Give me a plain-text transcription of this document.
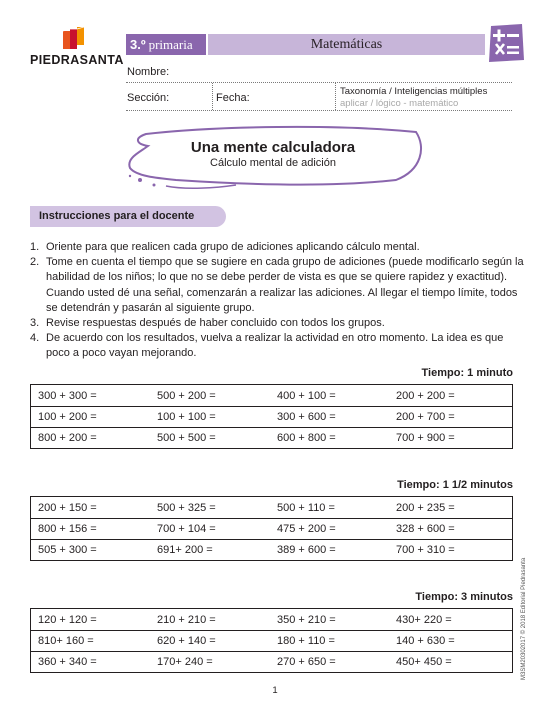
PIEDRASANTA
3.º primaria	Matemáticas
Nombre:
Sección:	Fecha:
Taxonomía / Inteligencias múltiples
aplicar / lógico - matemático
Una mente calculadora
Cálculo mental de adición
Instrucciones para el docente
1. Oriente para que realicen cada grupo de adiciones aplicando cálculo mental.
2. Tome en cuenta el tiempo que se sugiere en cada grupo de adiciones (puede modificarlo según la habilidad de los niños; lo que no se debe perder de vista es que se quiere rapidez y exactitud). Cuando usted dé una señal, comenzarán a realizar las adiciones. Al llegar el tiempo límite, todos se detendrán y pasarán al siguiente grupo.
3. Revise respuestas después de haber concluido con todos los grupos.
4. De acuerdo con los resultados, vuelva a realizar la actividad en otro momento. La idea es que poco a poco vayan mejorando.
Tiempo: 1 minuto
300 + 300 =	500 + 200 =	400 + 100 =	200 + 200 =
100 + 200 =	100 + 100 =	300 + 600 =	200 + 700 =
800 + 200 =	500 + 500 =	600 + 800 =	700 + 900 =
Tiempo: 1 1/2 minutos
200 + 150 =	500 + 325 =	500 + 110 =	200 + 235 =
800 + 156 =	700 + 104 =	475 + 200 =	328 + 600 =
505 + 300 =	691+ 200 =	389 + 600 =	700 + 310 =
Tiempo: 3 minutos
120 + 120 =	210 + 210 =	350 + 210 =	430+ 220 =
810+ 160 =	620 + 140 =	180 + 110 =	140 + 630 =
360 + 340 =	170+ 240 =	270 + 650 =	450+ 450 =	M3SM20302017 © 2018 Editorial Piedrasanta
1
